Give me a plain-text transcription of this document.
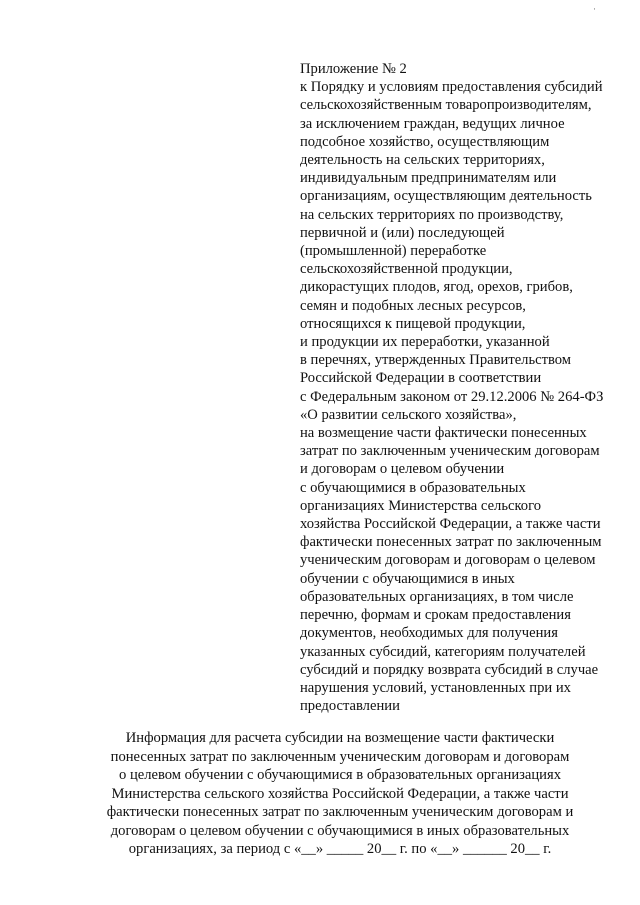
·
Приложение № 2
к Порядку и условиям предоставления субсидий
сельскохозяйственным товаропроизводителям,
за исключением граждан, ведущих личное
подсобное хозяйство, осуществляющим
деятельность на сельских территориях,
индивидуальным предпринимателям или
организациям, осуществляющим деятельность
на сельских территориях по производству,
первичной и (или) последующей
(промышленной) переработке
сельскохозяйственной продукции,
дикорастущих плодов, ягод, орехов, грибов,
семян и подобных лесных ресурсов,
относящихся к пищевой продукции,
и продукции их переработки, указанной
в перечнях, утвержденных Правительством
Российской Федерации в соответствии
с Федеральным законом от 29.12.2006 № 264-ФЗ
«О развитии сельского хозяйства»,
на возмещение части фактически понесенных
затрат по заключенным ученическим договорам
и договорам о целевом обучении
с обучающимися в образовательных
организациях Министерства сельского
хозяйства Российской Федерации, а также части
фактически понесенных затрат по заключенным
ученическим договорам и договорам о целевом
обучении с обучающимися в иных
образовательных организациях, в том числе
перечню, формам и срокам предоставления
документов, необходимых для получения
указанных субсидий, категориям получателей
субсидий и порядку возврата субсидий в случае
нарушения условий, установленных при их
предоставлении
Информация для расчета субсидии на возмещение части фактически
понесенных затрат по заключенным ученическим договорам и договорам
о целевом обучении с обучающимися в образовательных организациях
Министерства сельского хозяйства Российской Федерации, а также части
фактически понесенных затрат по заключенным ученическим договорам и
договорам о целевом обучении с обучающимися в иных образовательных
организациях, за период с «__» _____ 20__ г. по «__» ______ 20__ г.
